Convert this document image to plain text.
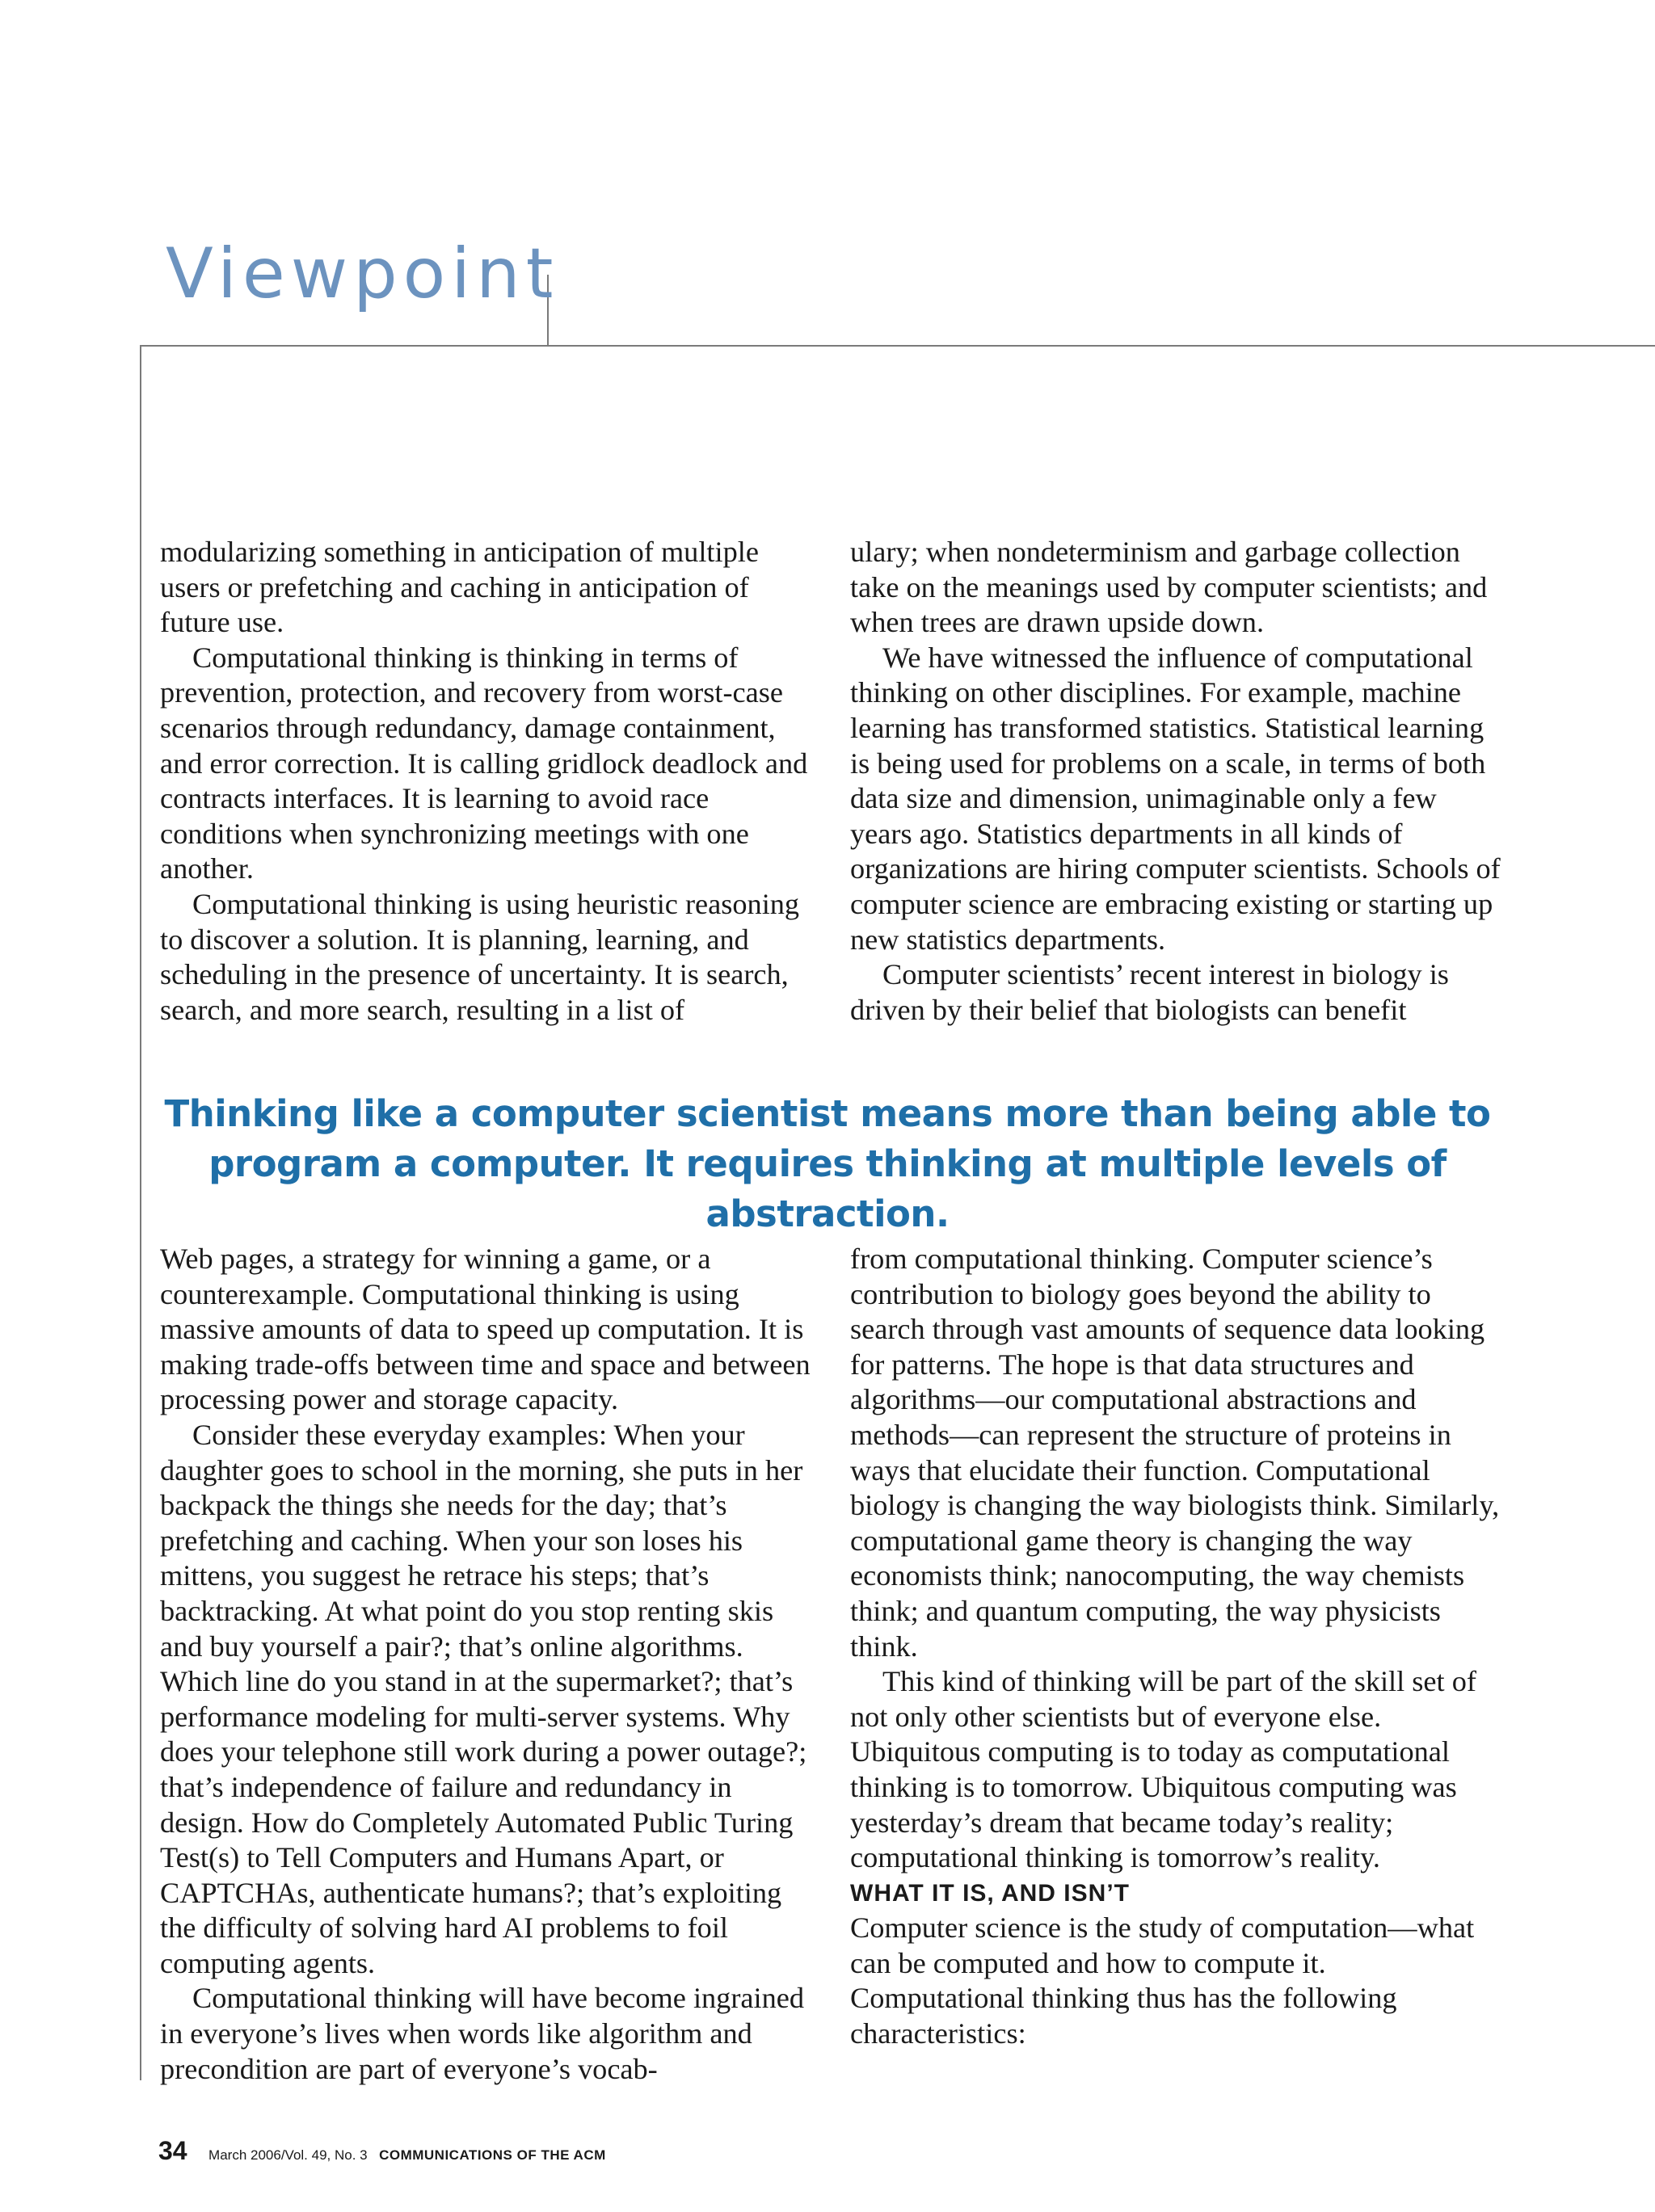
Viewpoint

modularizing something in anticipation of multiple users or prefetching and caching in anticipation of future use.

Computational thinking is thinking in terms of prevention, protection, and recovery from worst-case scenarios through redundancy, damage containment, and error correction. It is calling gridlock deadlock and contracts interfaces. It is learning to avoid race conditions when synchronizing meetings with one another.

Computational thinking is using heuristic reasoning to discover a solution. It is planning, learning, and scheduling in the presence of uncertainty. It is search, search, and more search, resulting in a list of

ulary; when nondeterminism and garbage collection take on the meanings used by computer scientists; and when trees are drawn upside down.

We have witnessed the influence of computational thinking on other disciplines. For example, machine learning has transformed statistics. Statistical learning is being used for problems on a scale, in terms of both data size and dimension, unimaginable only a few years ago. Statistics departments in all kinds of organizations are hiring computer scientists. Schools of computer science are embracing existing or starting up new statistics departments.

Computer scientists’ recent interest in biology is driven by their belief that biologists can benefit

Thinking like a computer scientist means more than being able to
program a computer. It requires thinking at multiple levels of abstraction.

Web pages, a strategy for winning a game, or a counterexample. Computational thinking is using massive amounts of data to speed up computation. It is making trade-offs between time and space and between processing power and storage capacity.

Consider these everyday examples: When your daughter goes to school in the morning, she puts in her backpack the things she needs for the day; that’s prefetching and caching. When your son loses his mittens, you suggest he retrace his steps; that’s backtracking. At what point do you stop renting skis and buy yourself a pair?; that’s online algorithms. Which line do you stand in at the supermarket?; that’s performance modeling for multi-server systems. Why does your telephone still work during a power outage?; that’s independence of failure and redundancy in design. How do Completely Automated Public Turing Test(s) to Tell Computers and Humans Apart, or CAPTCHAs, authenticate humans?; that’s exploiting the difficulty of solving hard AI problems to foil computing agents.

Computational thinking will have become ingrained in everyone’s lives when words like algorithm and precondition are part of everyone’s vocab-

from computational thinking. Computer science’s contribution to biology goes beyond the ability to search through vast amounts of sequence data looking for patterns. The hope is that data structures and algorithms—our computational abstractions and methods—can represent the structure of proteins in ways that elucidate their function. Computational biology is changing the way biologists think. Similarly, computational game theory is changing the way economists think; nanocomputing, the way chemists think; and quantum computing, the way physicists think.

This kind of thinking will be part of the skill set of not only other scientists but of everyone else. Ubiquitous computing is to today as computational thinking is to tomorrow. Ubiquitous computing was yesterday’s dream that became today’s reality; computational thinking is tomorrow’s reality.

WHAT IT IS, AND ISN’T

Computer science is the study of computation—what can be computed and how to compute it. Computational thinking thus has the following characteristics:

34 March 2006/Vol. 49, No. 3 COMMUNICATIONS OF THE ACM
